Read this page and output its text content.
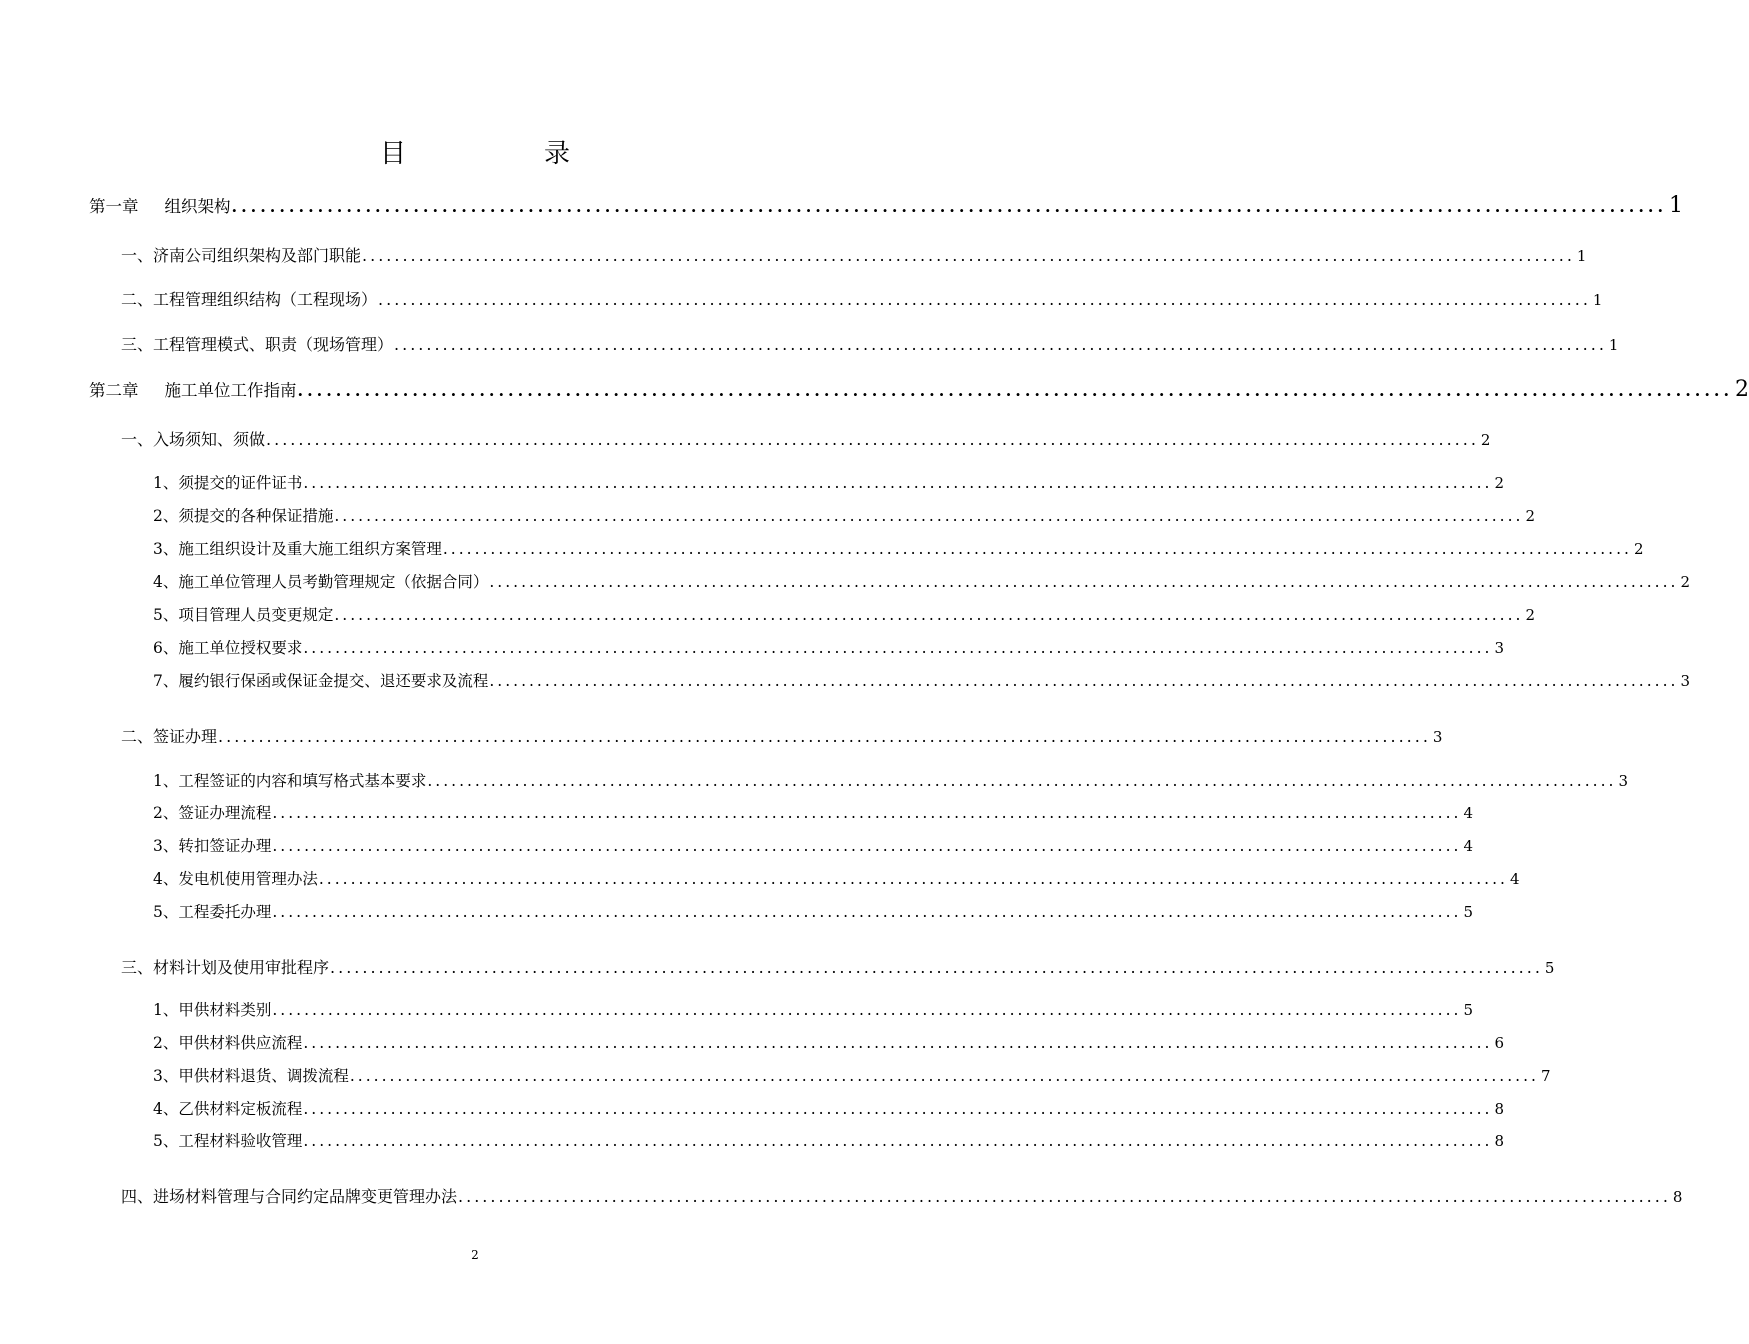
目　录
第一章 组织架构 ...................................................................................................................................................... 1
一、济南公司组织架构及部门职能 ...................................................................................................................................................... 1
二、工程管理组织结构（工程现场） ...................................................................................................................................................... 1
三、工程管理模式、职责（现场管理） ...................................................................................................................................................... 1
第二章 施工单位工作指南 ...................................................................................................................................................... 2
一、入场须知、须做 ...................................................................................................................................................... 2
1、须提交的证件证书 ...................................................................................................................................................... 2
2、须提交的各种保证措施 ...................................................................................................................................................... 2
3、施工组织设计及重大施工组织方案管理 ...................................................................................................................................................... 2
4、施工单位管理人员考勤管理规定（依据合同） ...................................................................................................................................................... 2
5、项目管理人员变更规定 ...................................................................................................................................................... 2
6、施工单位授权要求 ...................................................................................................................................................... 3
7、履约银行保函或保证金提交、退还要求及流程 ...................................................................................................................................................... 3
二、签证办理 ...................................................................................................................................................... 3
1、工程签证的内容和填写格式基本要求 ...................................................................................................................................................... 3
2、签证办理流程 ...................................................................................................................................................... 4
3、转扣签证办理 ...................................................................................................................................................... 4
4、发电机使用管理办法 ...................................................................................................................................................... 4
5、工程委托办理 ...................................................................................................................................................... 5
三、材料计划及使用审批程序 ...................................................................................................................................................... 5
1、甲供材料类别 ...................................................................................................................................................... 5
2、甲供材料供应流程 ...................................................................................................................................................... 6
3、甲供材料退货、调拨流程 ...................................................................................................................................................... 7
4、乙供材料定板流程 ...................................................................................................................................................... 8
5、工程材料验收管理 ...................................................................................................................................................... 8
四、进场材料管理与合同约定品牌变更管理办法 ...................................................................................................................................................... 8
2
